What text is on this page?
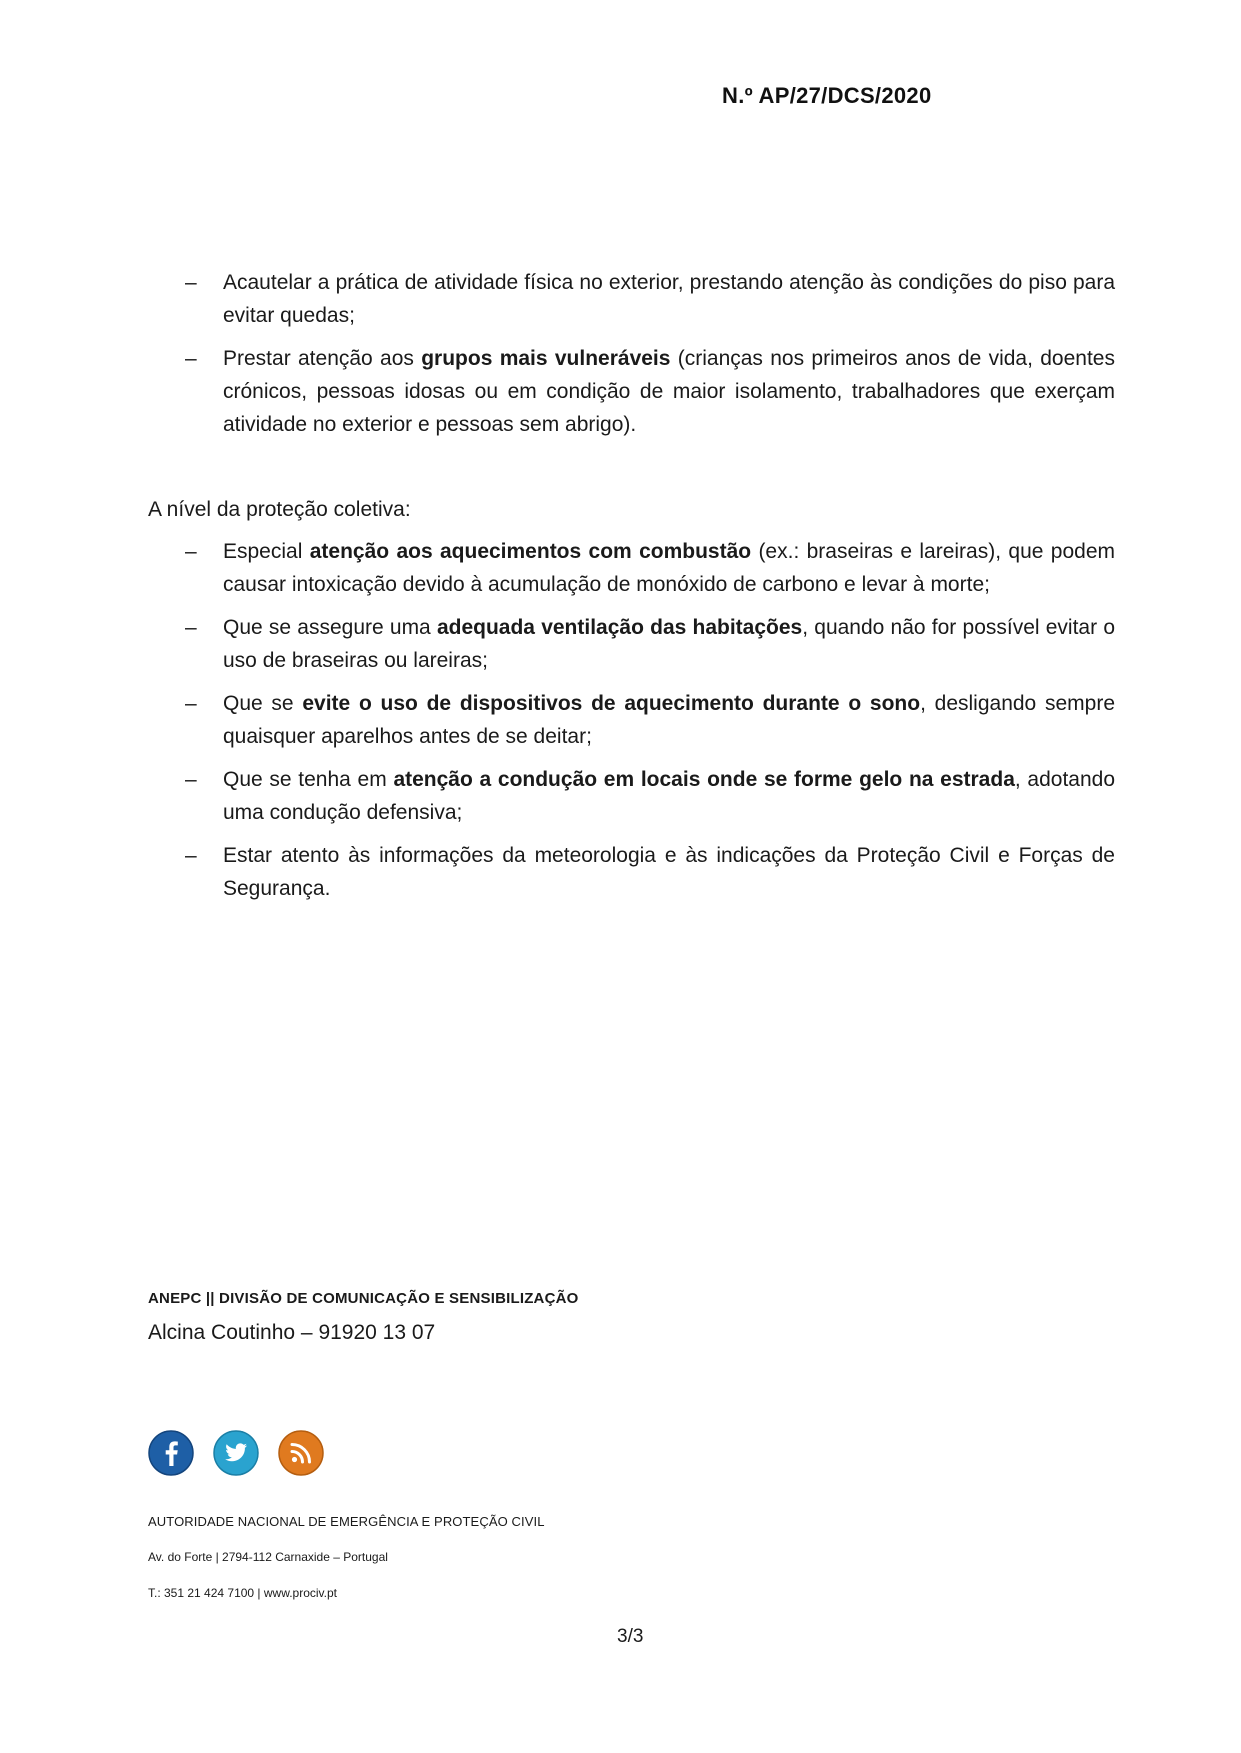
N.º AP/27/DCS/2020
–	Acautelar a prática de atividade física no exterior, prestando atenção às condições do piso para evitar quedas;
–	Prestar atenção aos grupos mais vulneráveis (crianças nos primeiros anos de vida, doentes crónicos, pessoas idosas ou em condição de maior isolamento, trabalhadores que exerçam atividade no exterior e pessoas sem abrigo).
A nível da proteção coletiva:
–	Especial atenção aos aquecimentos com combustão (ex.: braseiras e lareiras), que podem causar intoxicação devido à acumulação de monóxido de carbono e levar à morte;
–	Que se assegure uma adequada ventilação das habitações, quando não for possível evitar o uso de braseiras ou lareiras;
–	Que se evite o uso de dispositivos de aquecimento durante o sono, desligando sempre quaisquer aparelhos antes de se deitar;
–	Que se tenha em atenção a condução em locais onde se forme gelo na estrada, adotando uma condução defensiva;
–	Estar atento às informações da meteorologia e às indicações da Proteção Civil e Forças de Segurança.
ANEPC || DIVISÃO DE COMUNICAÇÃO E SENSIBILIZAÇÃO
Alcina Coutinho – 91920 13 07
AUTORIDADE NACIONAL DE EMERGÊNCIA E PROTEÇÃO CIVIL
Av. do Forte | 2794-112 Carnaxide – Portugal
T.: 351 21 424 7100 | www.prociv.pt
3/3
